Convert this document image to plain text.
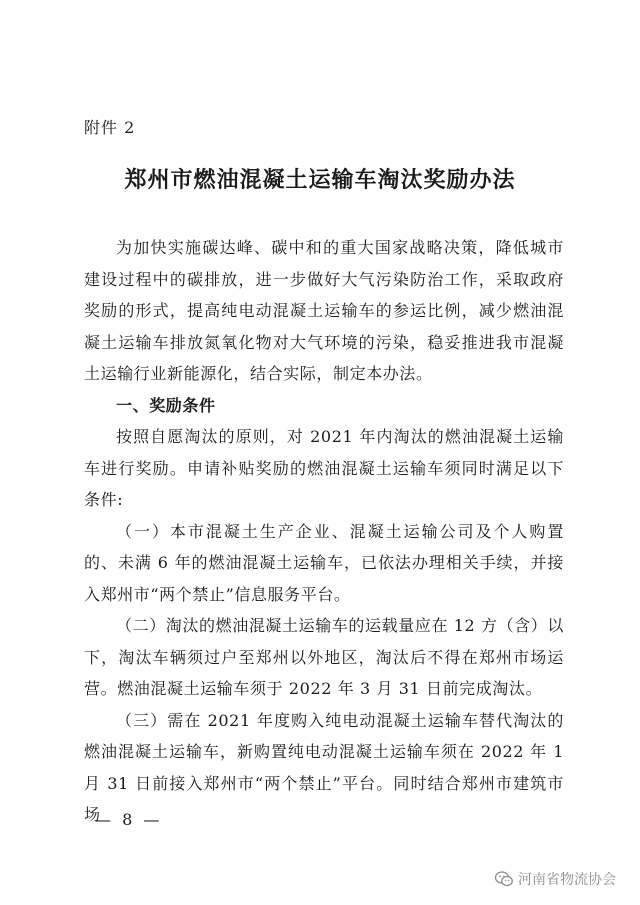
附件 2
郑州市燃油混凝土运输车淘汰奖励办法

为加快实施碳达峰、碳中和的重大国家战略决策，降低城市建设过程中的碳排放，进一步做好大气污染防治工作，采取政府奖励的形式，提高纯电动混凝土运输车的参运比例，减少燃油混凝土运输车排放氮氧化物对大气环境的污染，稳妥推进我市混凝土运输行业新能源化，结合实际，制定本办法。

一、奖励条件

按照自愿淘汰的原则，对 2021 年内淘汰的燃油混凝土运输车进行奖励。申请补贴奖励的燃油混凝土运输车须同时满足以下条件:

（一）本市混凝土生产企业、混凝土运输公司及个人购置的、未满 6 年的燃油混凝土运输车，已依法办理相关手续，并接入郑州市“两个禁止”信息服务平台。

（二）淘汰的燃油混凝土运输车的运载量应在 12 方（含）以下，淘汰车辆须过户至郑州以外地区，淘汰后不得在郑州市场运营。燃油混凝土运输车须于 2022 年 3 月 31 日前完成淘汰。

（三）需在 2021 年度购入纯电动混凝土运输车替代淘汰的燃油混凝土运输车，新购置纯电动混凝土运输车须在 2022 年 1 月 31 日前接入郑州市“两个禁止”平台。同时结合郑州市建筑市场

— 8 —
河南省物流协会
